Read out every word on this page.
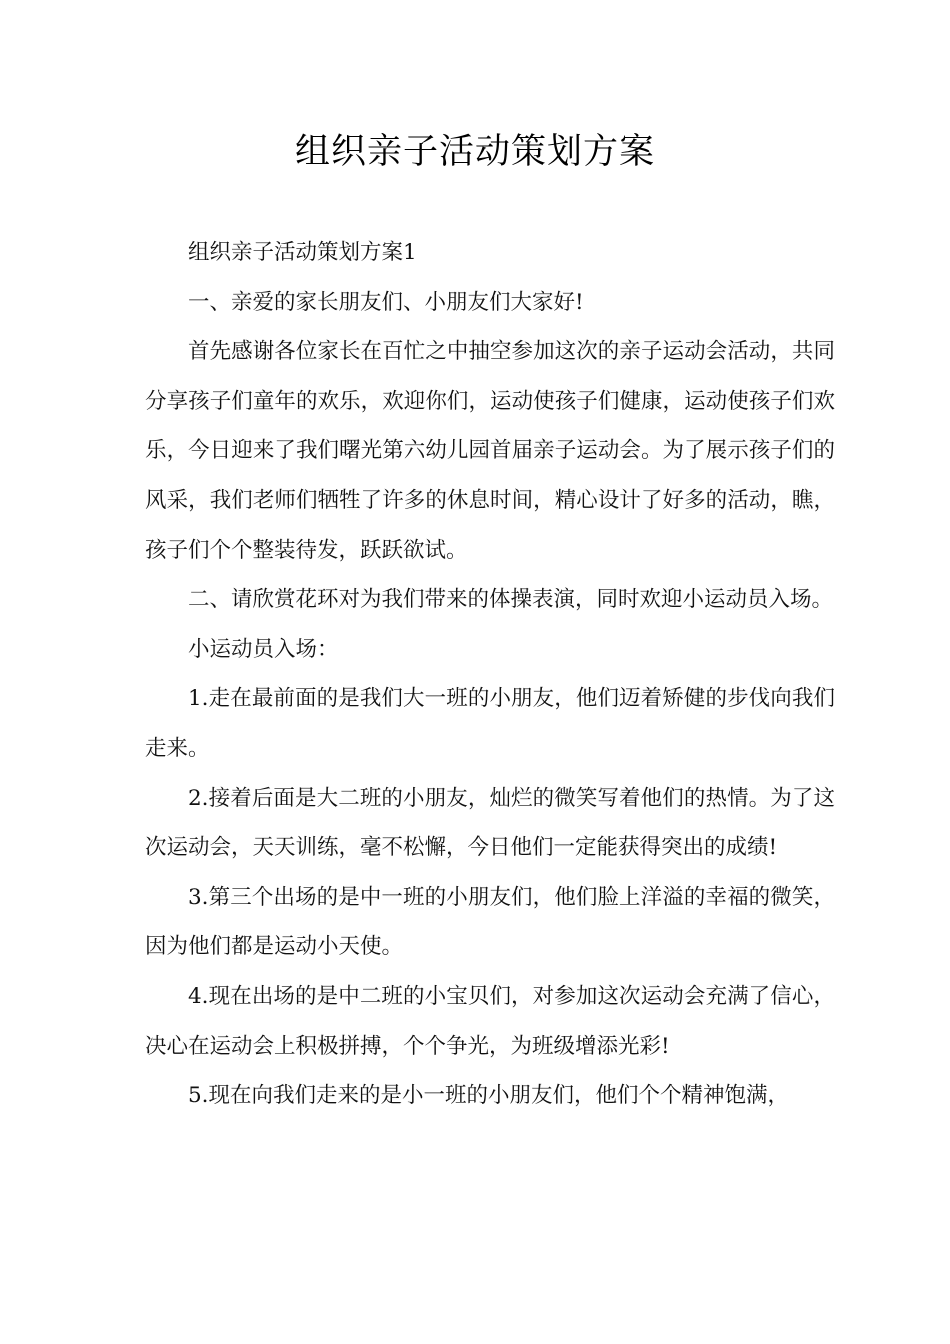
组织亲子活动策划方案

组织亲子活动策划方案1

一、亲爱的家长朋友们、小朋友们大家好!

首先感谢各位家长在百忙之中抽空参加这次的亲子运动会活动，共同分享孩子们童年的欢乐，欢迎你们，运动使孩子们健康，运动使孩子们欢乐，今日迎来了我们曙光第六幼儿园首届亲子运动会。为了展示孩子们的风采，我们老师们牺牲了许多的休息时间，精心设计了好多的活动，瞧，孩子们个个整装待发，跃跃欲试。

二、请欣赏花环对为我们带来的体操表演，同时欢迎小运动员入场。

小运动员入场：

1.走在最前面的是我们大一班的小朋友，他们迈着矫健的步伐向我们走来。

2.接着后面是大二班的小朋友，灿烂的微笑写着他们的热情。为了这次运动会，天天训练，毫不松懈，今日他们一定能获得突出的成绩!

3.第三个出场的是中一班的小朋友们，他们脸上洋溢的幸福的微笑，因为他们都是运动小天使。

4.现在出场的是中二班的小宝贝们，对参加这次运动会充满了信心，决心在运动会上积极拼搏，个个争光，为班级增添光彩!

5.现在向我们走来的是小一班的小朋友们，他们个个精神饱满，
